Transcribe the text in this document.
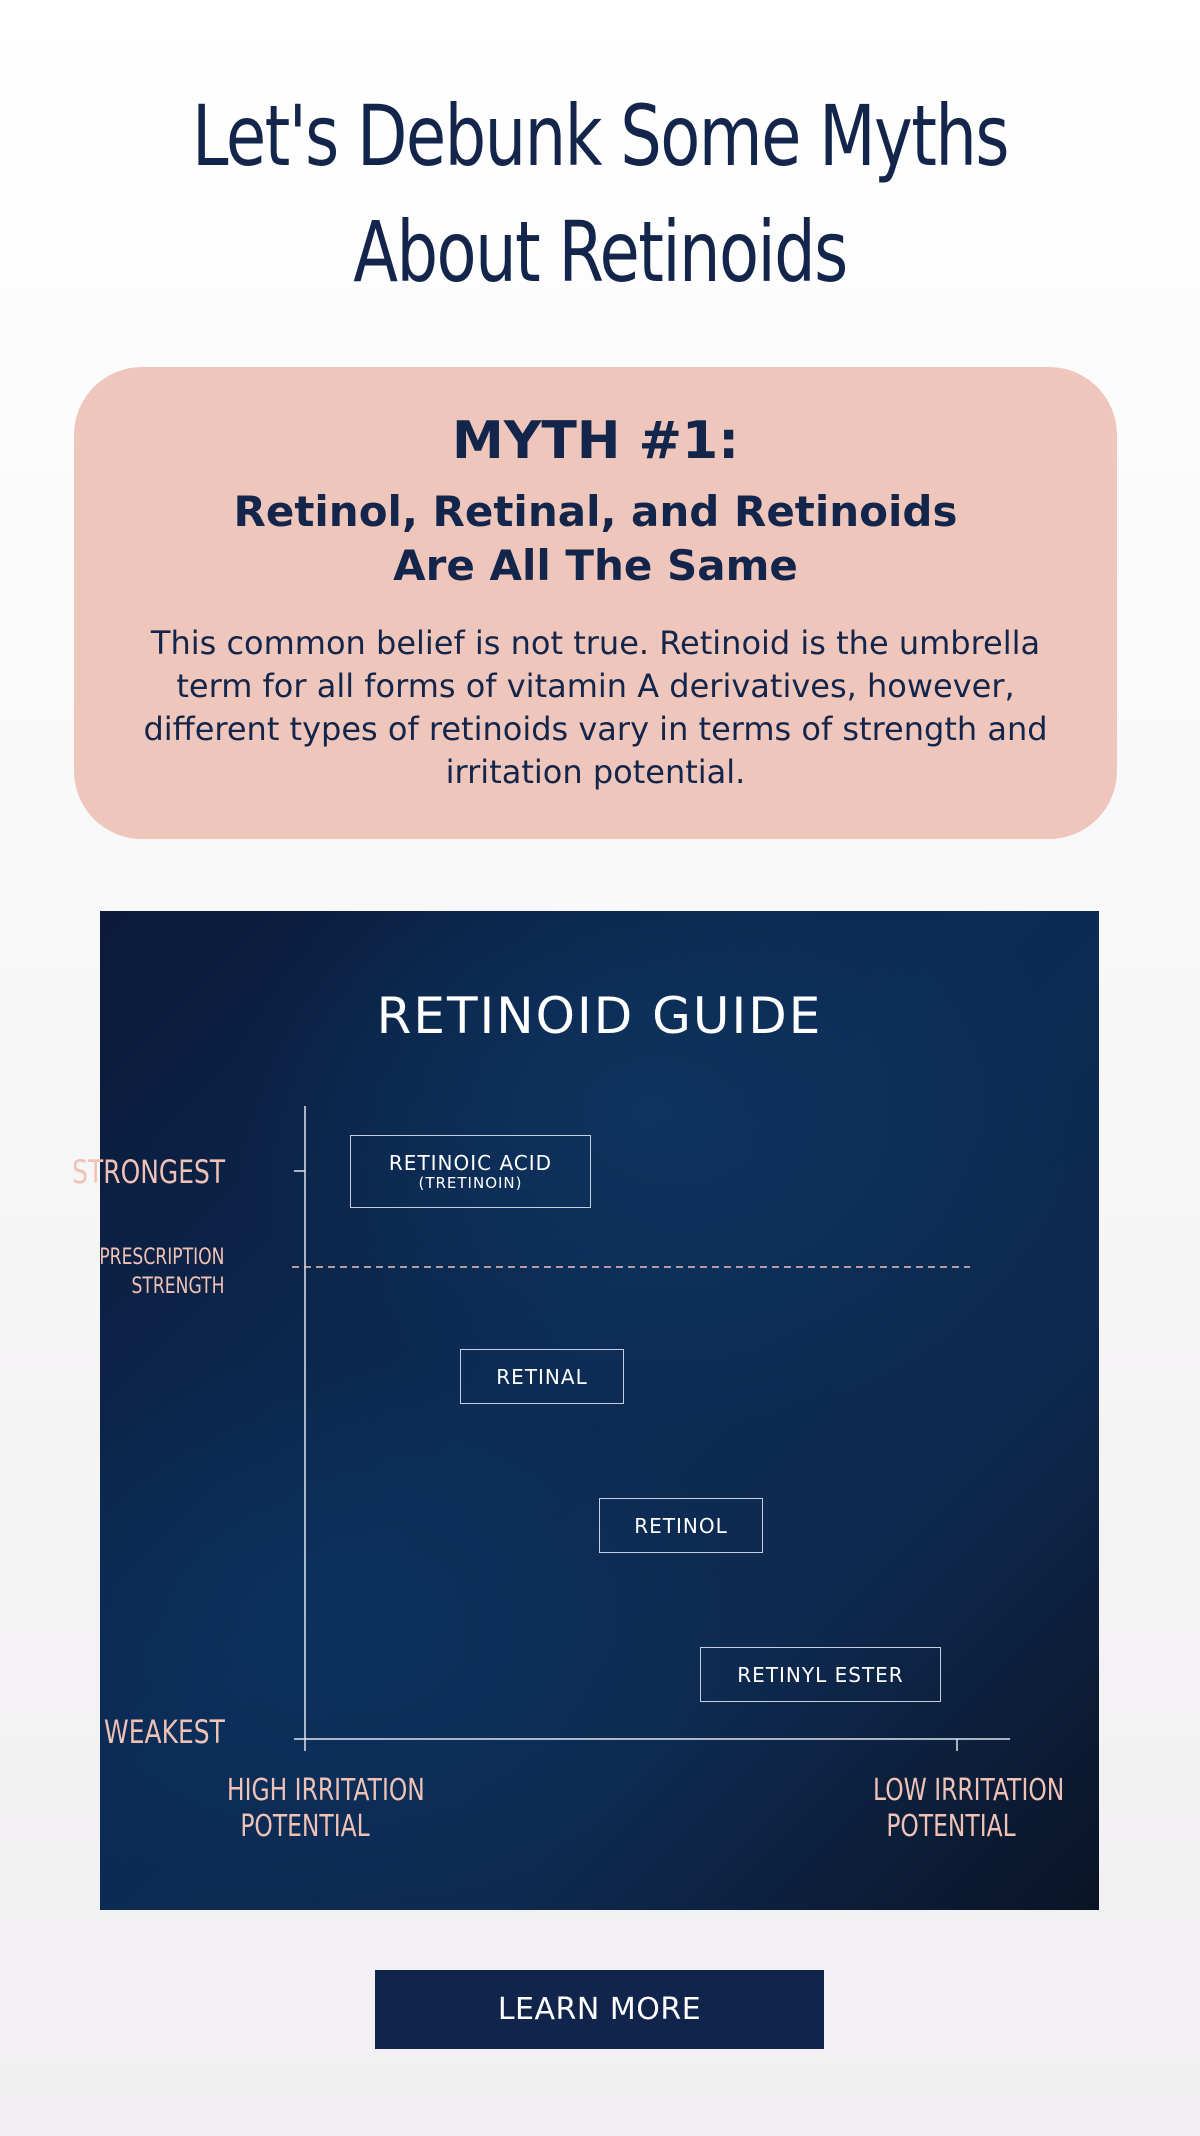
Let's Debunk Some Myths
About Retinoids
MYTH #1:
Retinol, Retinal, and Retinoids
Are All The Same

This common belief is not true. Retinoid is the umbrella term for all forms of vitamin A derivatives, however, different types of retinoids vary in terms of strength and irritation potential.

RETINOID GUIDE
STRONGEST
PRESCRIPTION
STRENGTH
WEAKEST
HIGH IRRITATION
POTENTIAL
LOW IRRITATION
POTENTIAL
RETINOIC ACID
(TRETINOIN)
RETINAL
RETINOL
RETINYL ESTER
LEARN MORE
